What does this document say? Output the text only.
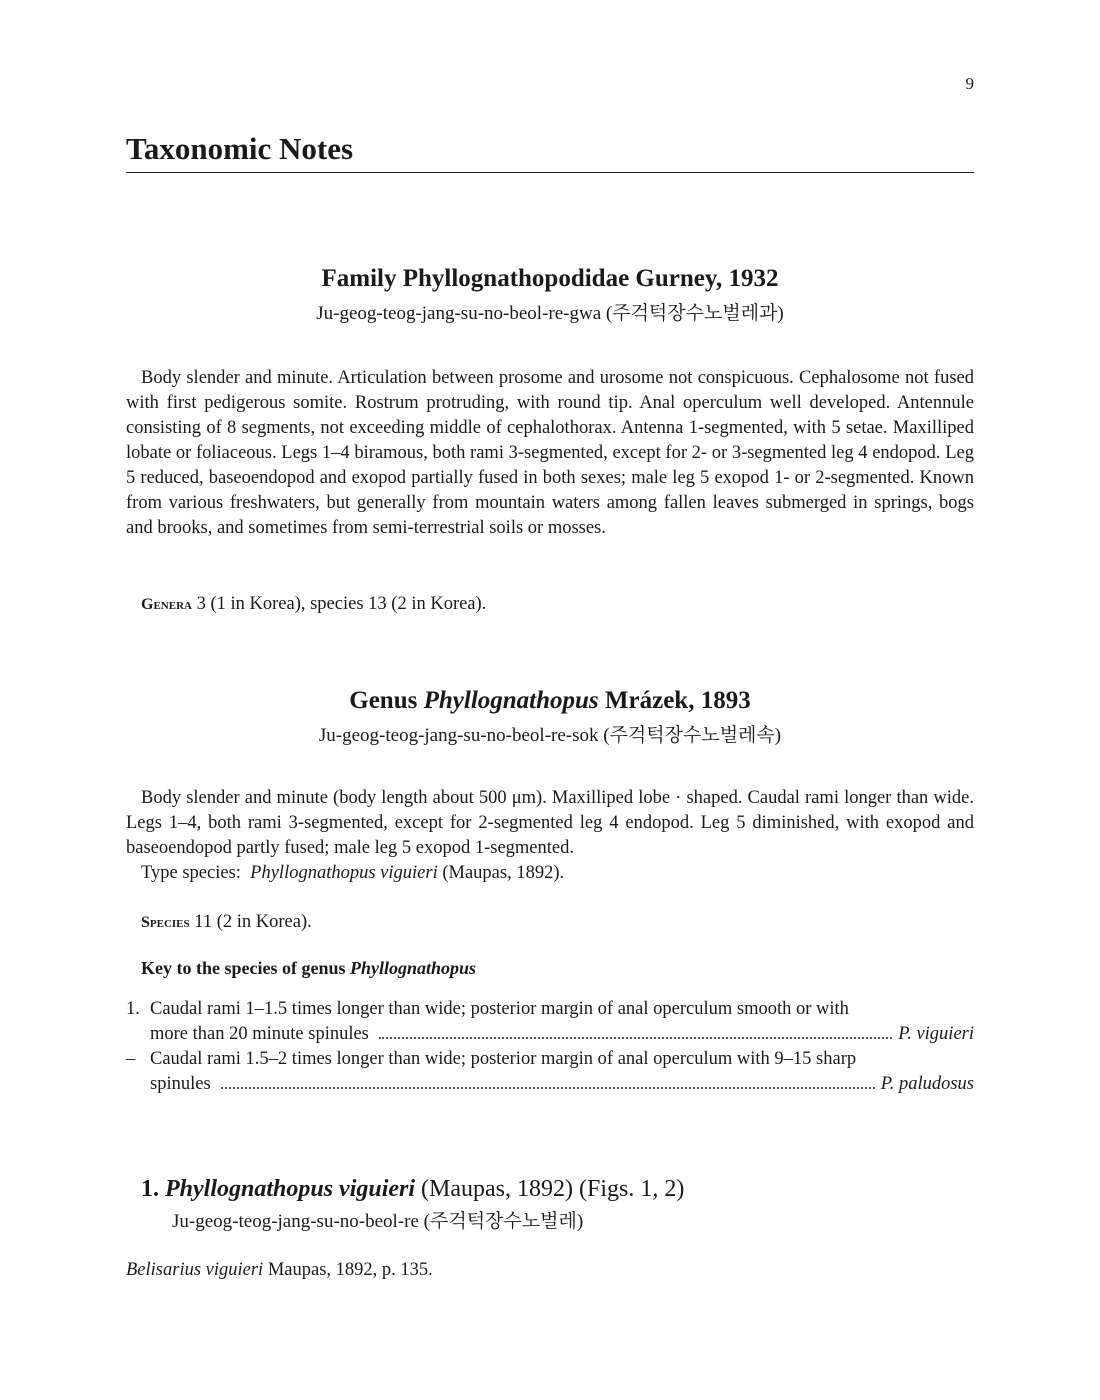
9
Taxonomic Notes
Family Phyllognathopodidae Gurney, 1932
Ju-geog-teog-jang-su-no-beol-re-gwa (주걱턱장수노벌레과)

Body slender and minute. Articulation between prosome and urosome not conspicuous. Cephalosome not fused with first pedigerous somite. Rostrum protruding, with round tip. Anal operculum well developed. Antennule consisting of 8 segments, not exceeding middle of cephalothorax. Antenna 1-segmented, with 5 setae. Maxilliped lobate or foliaceous. Legs 1–4 biramous, both rami 3-segmented, except for 2- or 3-segmented leg 4 endopod. Leg 5 reduced, baseoendopod and exopod partially fused in both sexes; male leg 5 exopod 1- or 2-segmented. Known from various freshwaters, but generally from mountain waters among fallen leaves submerged in springs, bogs and brooks, and sometimes from semi-terrestrial soils or mosses.

Genera 3 (1 in Korea), species 13 (2 in Korea).

Genus Phyllognathopus Mrázek, 1893
Ju-geog-teog-jang-su-no-beol-re-sok (주걱턱장수노벌레속)

Body slender and minute (body length about 500 μm). Maxilliped lobe · shaped. Caudal rami longer than wide. Legs 1–4, both rami 3-segmented, except for 2-segmented leg 4 endopod. Leg 5 diminished, with exopod and baseoendopod partly fused; male leg 5 exopod 1-segmented.

Type species: Phyllognathopus viguieri (Maupas, 1892).

Species 11 (2 in Korea).

Key to the species of genus Phyllognathopus

1. Caudal rami 1–1.5 times longer than wide; posterior margin of anal operculum smooth or with
more than 20 minute spinules	P. viguieri
– Caudal rami 1.5–2 times longer than wide; posterior margin of anal operculum with 9–15 sharp
spinules	P. paludosus
1. Phyllognathopus viguieri (Maupas, 1892) (Figs. 1, 2)
Ju-geog-teog-jang-su-no-beol-re (주걱턱장수노벌레)

Belisarius viguieri Maupas, 1892, p. 135.
